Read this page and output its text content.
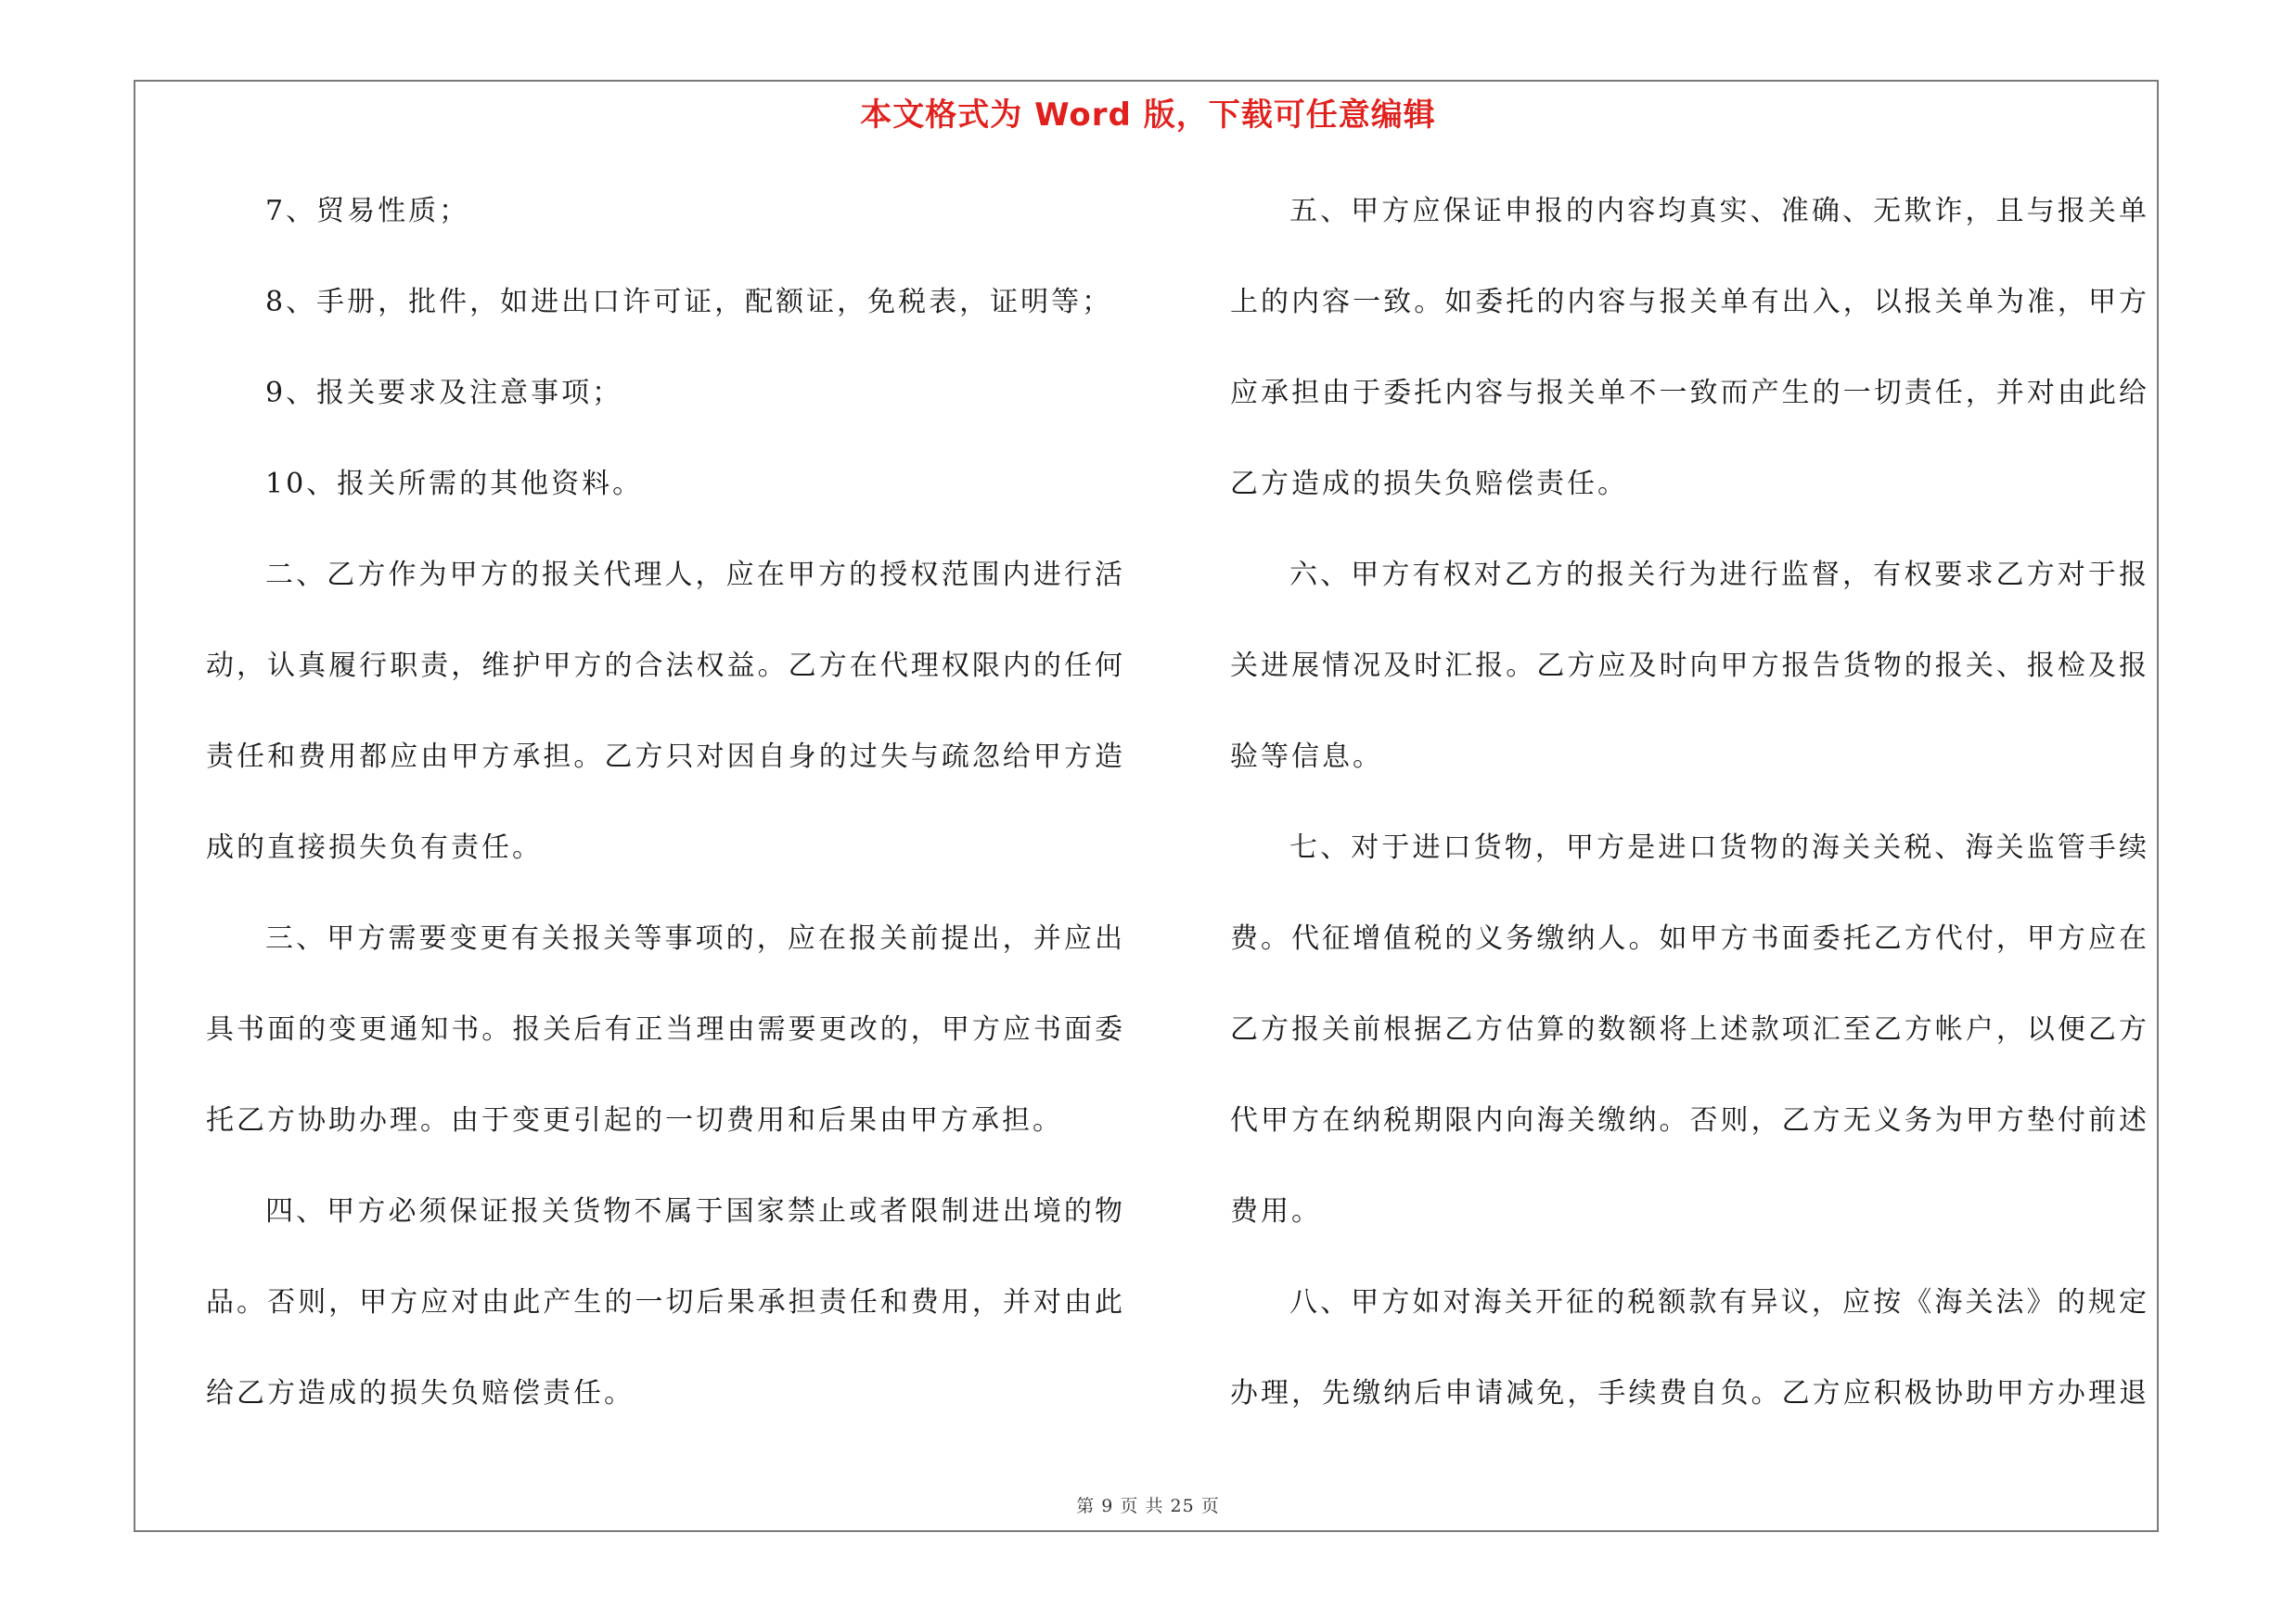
本文格式为 Word 版，下载可任意编辑
7、贸易性质；
8、手册，批件，如进出口许可证，配额证，免税表，证明等；
9、报关要求及注意事项；
10、报关所需的其他资料。
二、乙方作为甲方的报关代理人，应在甲方的授权范围内进行活
动，认真履行职责，维护甲方的合法权益。乙方在代理权限内的任何
责任和费用都应由甲方承担。乙方只对因自身的过失与疏忽给甲方造
成的直接损失负有责任。
三、甲方需要变更有关报关等事项的，应在报关前提出，并应出
具书面的变更通知书。报关后有正当理由需要更改的，甲方应书面委
托乙方协助办理。由于变更引起的一切费用和后果由甲方承担。
四、甲方必须保证报关货物不属于国家禁止或者限制进出境的物
品。否则，甲方应对由此产生的一切后果承担责任和费用，并对由此
给乙方造成的损失负赔偿责任。
五、甲方应保证申报的内容均真实、准确、无欺诈，且与报关单
上的内容一致。如委托的内容与报关单有出入，以报关单为准，甲方
应承担由于委托内容与报关单不一致而产生的一切责任，并对由此给
乙方造成的损失负赔偿责任。
六、甲方有权对乙方的报关行为进行监督，有权要求乙方对于报
关进展情况及时汇报。乙方应及时向甲方报告货物的报关、报检及报
验等信息。
七、对于进口货物，甲方是进口货物的海关关税、海关监管手续
费。代征增值税的义务缴纳人。如甲方书面委托乙方代付，甲方应在
乙方报关前根据乙方估算的数额将上述款项汇至乙方帐户，以便乙方
代甲方在纳税期限内向海关缴纳。否则，乙方无义务为甲方垫付前述
费用。
八、甲方如对海关开征的税额款有异议，应按《海关法》的规定
办理，先缴纳后申请减免，手续费自负。乙方应积极协助甲方办理退
第 9 页 共 25 页
